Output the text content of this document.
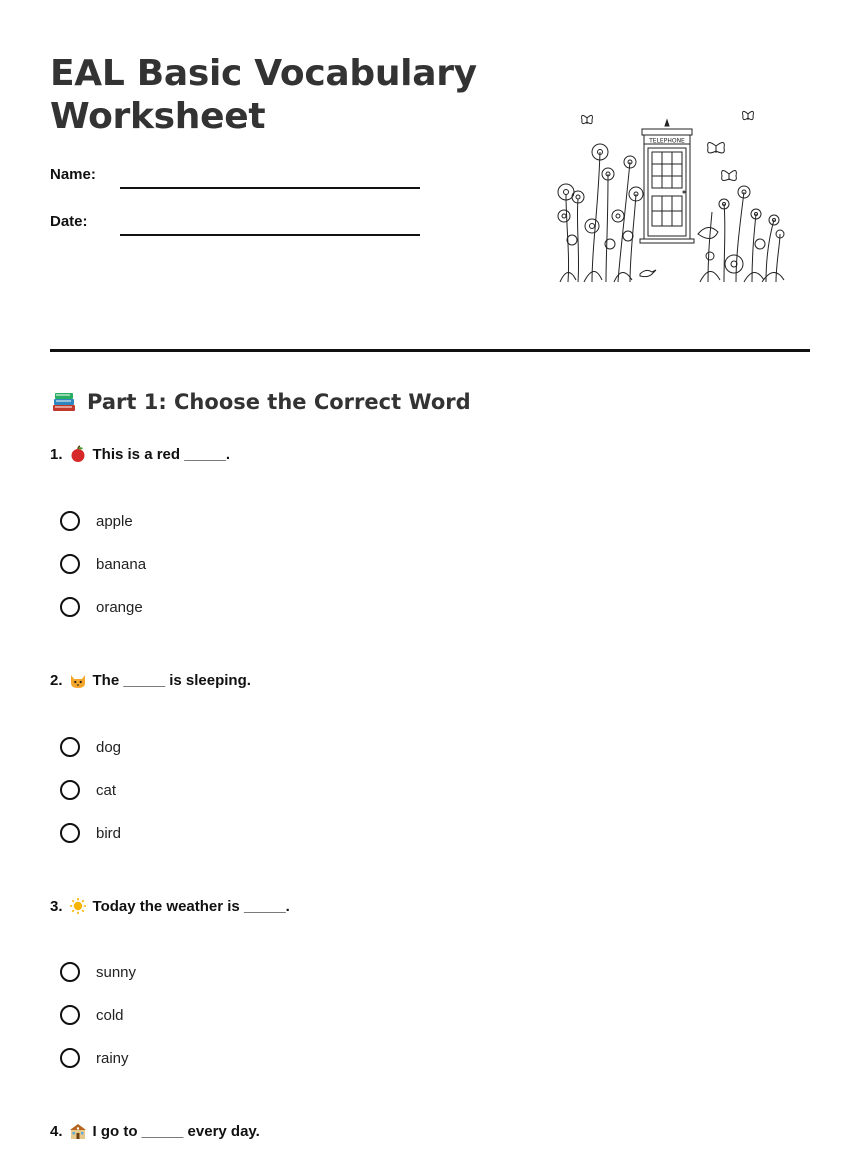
EAL Basic Vocabulary Worksheet
Name:
Date:
TELEPHONE
Part 1: Choose the Correct Word
1. This is a red _____.
apple
banana
orange
2. The _____ is sleeping.
dog
cat
bird
3. Today the weather is _____.
sunny
cold
rainy
4. I go to _____ every day.
